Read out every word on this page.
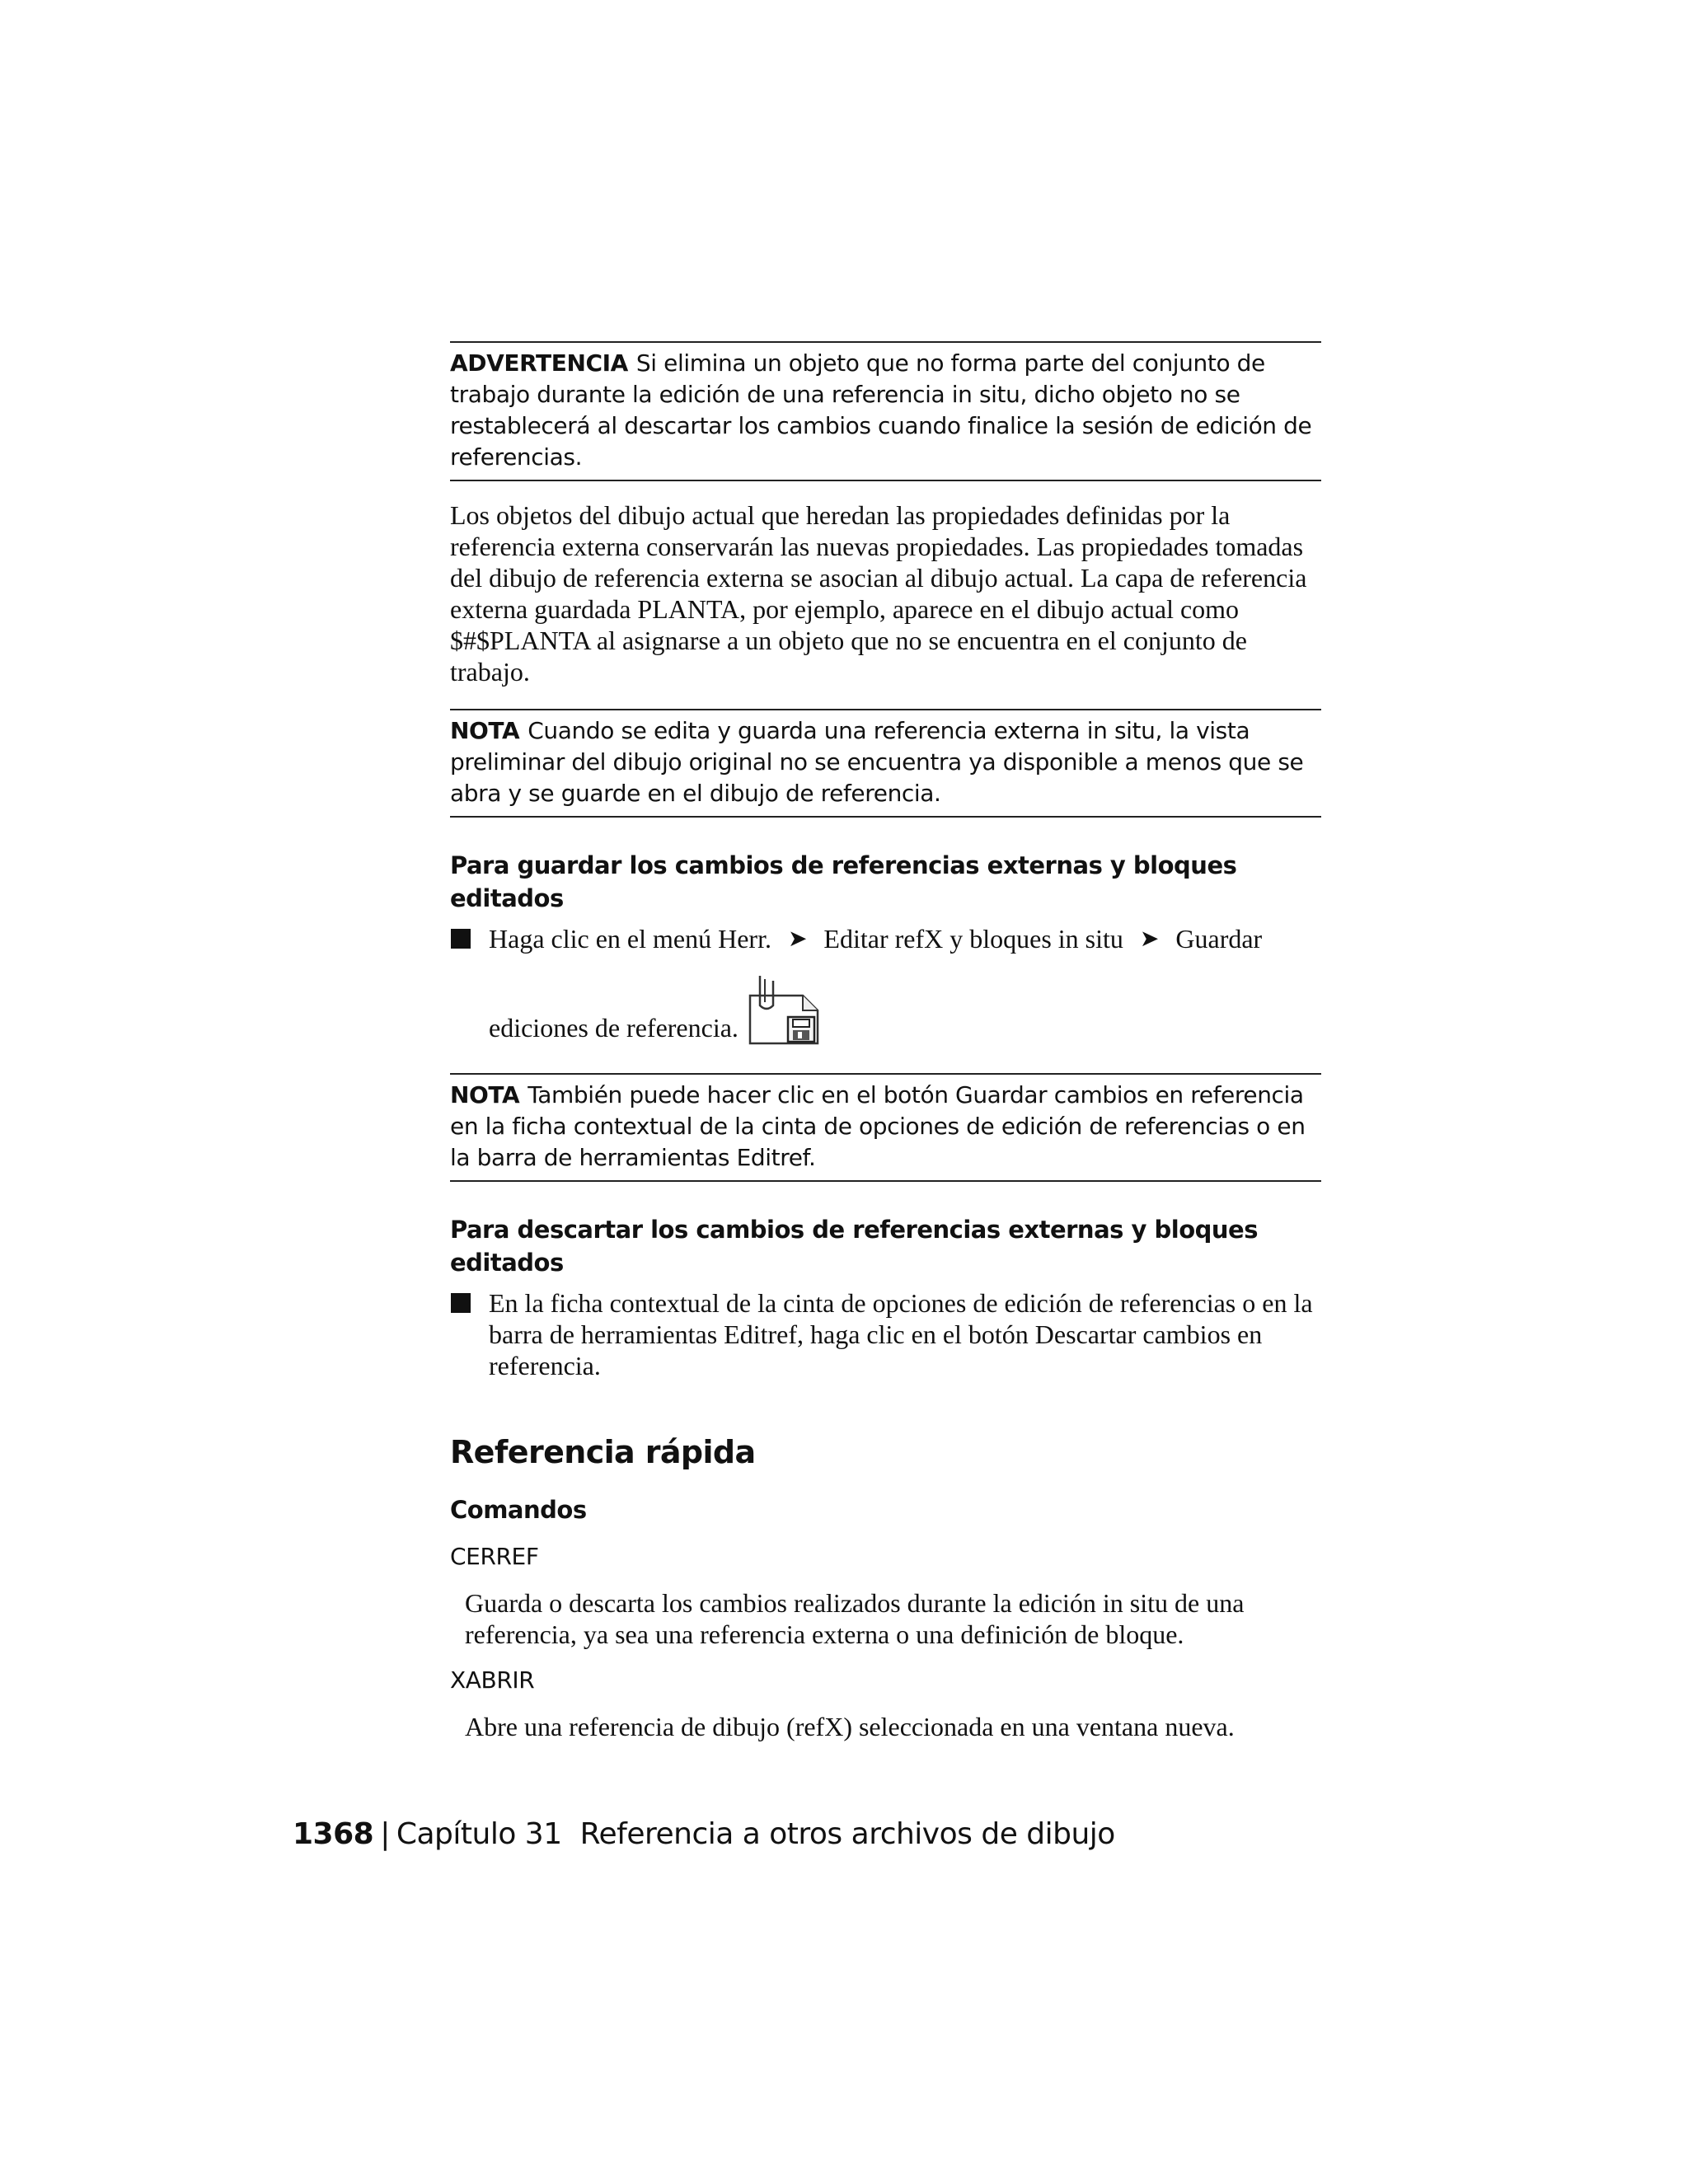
ADVERTENCIA Si elimina un objeto que no forma parte del conjunto de trabajo durante la edición de una referencia in situ, dicho objeto no se restablecerá al descartar los cambios cuando finalice la sesión de edición de referencias.

Los objetos del dibujo actual que heredan las propiedades definidas por la referencia externa conservarán las nuevas propiedades. Las propiedades tomadas del dibujo de referencia externa se asocian al dibujo actual. La capa de referencia externa guardada PLANTA, por ejemplo, aparece en el dibujo actual como $#$PLANTA al asignarse a un objeto que no se encuentra en el conjunto de trabajo.

NOTA Cuando se edita y guarda una referencia externa in situ, la vista preliminar del dibujo original no se encuentra ya disponible a menos que se abra y se guarde en el dibujo de referencia.
Para guardar los cambios de referencias externas y bloques editados
Haga clic en el menú Herr. ➤ Editar refX y bloques in situ ➤ Guardar
ediciones de referencia.
NOTA También puede hacer clic en el botón Guardar cambios en referencia en la ficha contextual de la cinta de opciones de edición de referencias o en la barra de herramientas Editref.
Para descartar los cambios de referencias externas y bloques editados
En la ficha contextual de la cinta de opciones de edición de referencias o en la barra de herramientas Editref, haga clic en el botón Descartar cambios en referencia.
Referencia rápida
Comandos
CERREF
Guarda o descarta los cambios realizados durante la edición in situ de una referencia, ya sea una referencia externa o una definición de bloque.
XABRIR
Abre una referencia de dibujo (refX) seleccionada en una ventana nueva.
1368 | Capítulo 31 Referencia a otros archivos de dibujo
